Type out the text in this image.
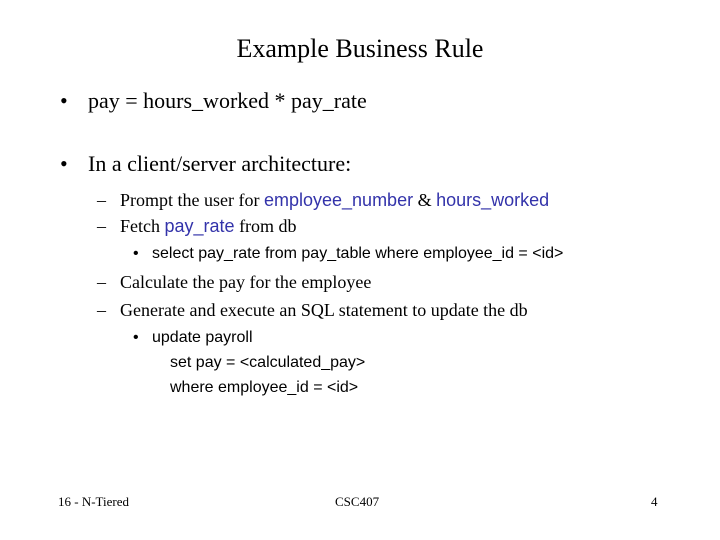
Example Business Rule
• pay = hours_worked * pay_rate
• In a client/server architecture:
– Prompt the user for employee_number & hours_worked
– Fetch pay_rate from db
• select pay_rate from pay_table where employee_id = <id>
– Calculate the pay for the employee
– Generate and execute an SQL statement to update the db
• update payroll
set pay = <calculated_pay>
where employee_id = <id>
16 - N-Tiered	CSC407	4
